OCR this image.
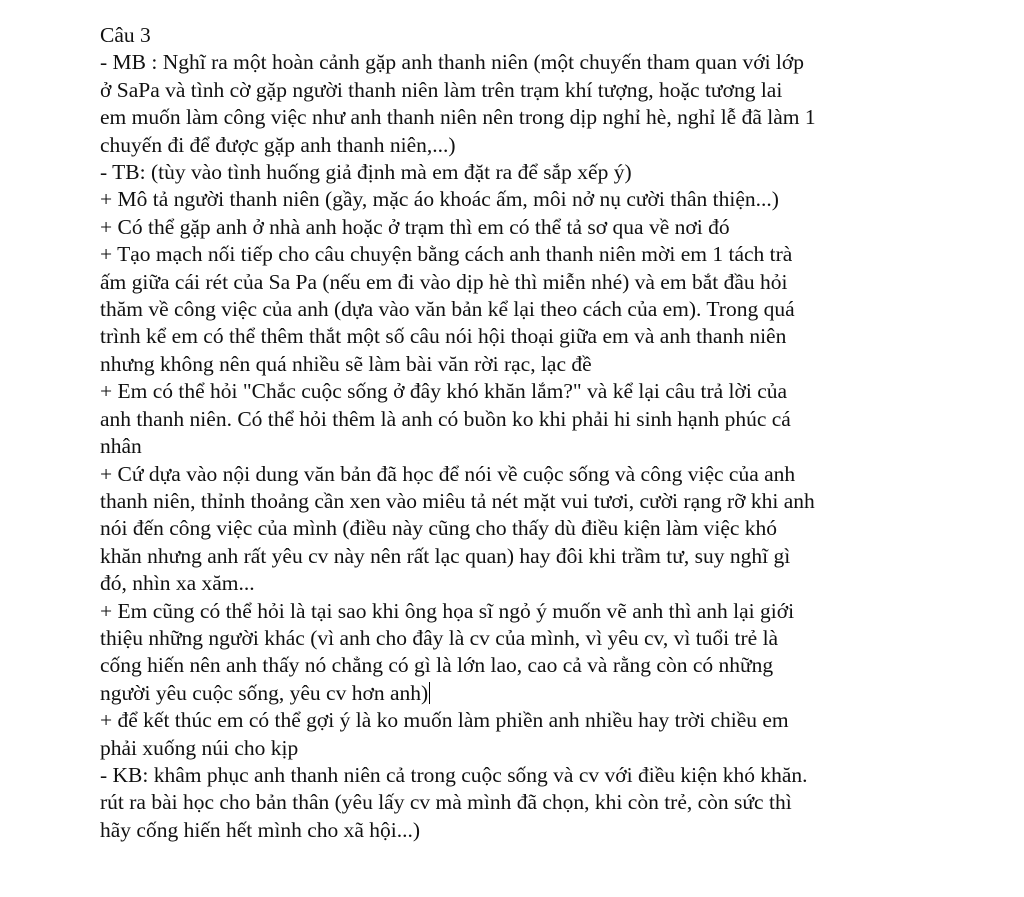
Câu 3
- MB : Nghĩ ra một hoàn cảnh gặp anh thanh niên (một chuyến tham quan với lớp
ở SaPa và tình cờ gặp người thanh niên làm trên trạm khí tượng, hoặc tương lai
em muốn làm công việc như anh thanh niên nên trong dịp nghỉ hè, nghỉ lễ đã làm 1
chuyến đi để được gặp anh thanh niên,...)
- TB: (tùy vào tình huống giả định mà em đặt ra để sắp xếp ý)
+ Mô tả người thanh niên (gầy, mặc áo khoác ấm, môi nở nụ cười thân thiện...)
+ Có thể gặp anh ở nhà anh hoặc ở trạm thì em có thể tả sơ qua về nơi đó
+ Tạo mạch nối tiếp cho câu chuyện bằng cách anh thanh niên mời em 1 tách trà
ấm giữa cái rét của Sa Pa (nếu em đi vào dịp hè thì miễn nhé) và em bắt đầu hỏi
thăm về công việc của anh (dựa vào văn bản kể lại theo cách của em). Trong quá
trình kể em có thể thêm thắt một số câu nói hội thoại giữa em và anh thanh niên
nhưng không nên quá nhiều sẽ làm bài văn rời rạc, lạc đề
+ Em có thể hỏi "Chắc cuộc sống ở đây khó khăn lắm?" và kể lại câu trả lời của
anh thanh niên. Có thể hỏi thêm là anh có buồn ko khi phải hi sinh hạnh phúc cá
nhân
+ Cứ dựa vào nội dung văn bản đã học để nói về cuộc sống và công việc của anh
thanh niên, thỉnh thoảng cần xen vào miêu tả nét mặt vui tươi, cười rạng rỡ khi anh
nói đến công việc của mình (điều này cũng cho thấy dù điều kiện làm việc khó
khăn nhưng anh rất yêu cv này nên rất lạc quan) hay đôi khi trầm tư, suy nghĩ gì
đó, nhìn xa xăm...
+ Em cũng có thể hỏi là tại sao khi ông họa sĩ ngỏ ý muốn vẽ anh thì anh lại giới
thiệu những người khác (vì anh cho đây là cv của mình, vì yêu cv, vì tuổi trẻ là
cống hiến nên anh thấy nó chẳng có gì là lớn lao, cao cả và rằng còn có những
người yêu cuộc sống, yêu cv hơn anh)
+ để kết thúc em có thể gợi ý là ko muốn làm phiền anh nhiều hay trời chiều em
phải xuống núi cho kịp
- KB: khâm phục anh thanh niên cả trong cuộc sống và cv với điều kiện khó khăn.
rút ra bài học cho bản thân (yêu lấy cv mà mình đã chọn, khi còn trẻ, còn sức thì
hãy cống hiến hết mình cho xã hội...)
